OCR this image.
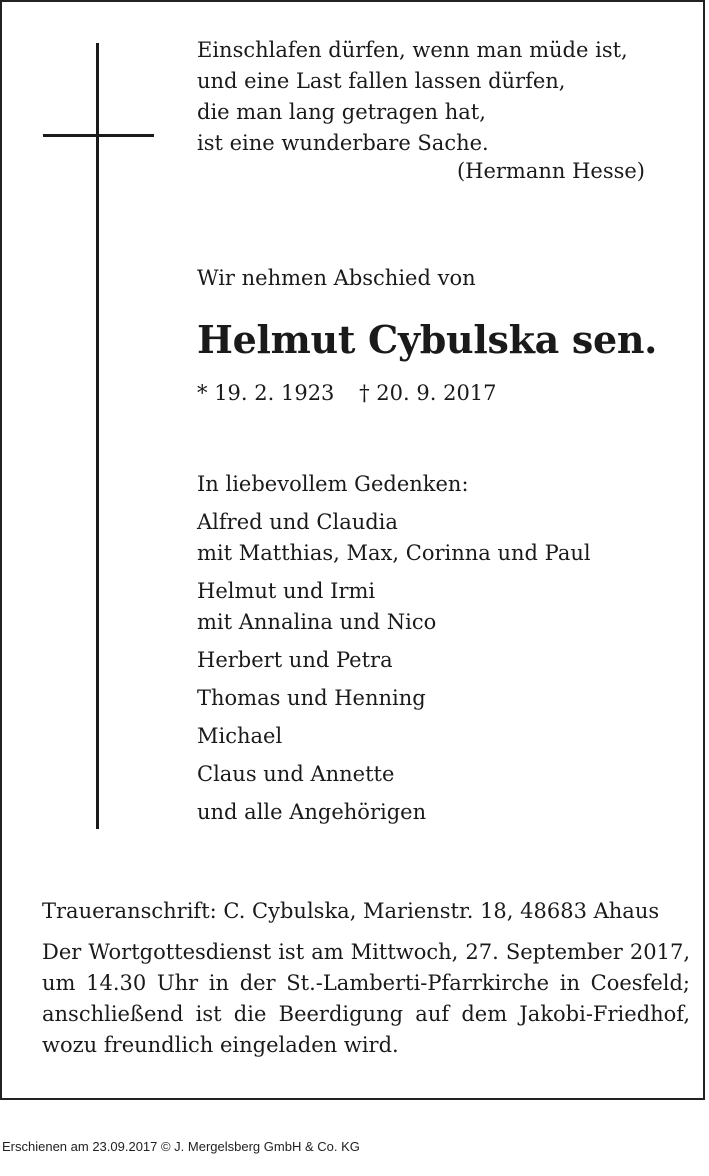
Einschlafen dürfen, wenn man müde ist,
und eine Last fallen lassen dürfen,
die man lang getragen hat,
ist eine wunderbare Sache.
(Hermann Hesse)
Wir nehmen Abschied von
Helmut Cybulska sen.
* 19. 2. 1923 † 20. 9. 2017
In liebevollem Gedenken:
Alfred und Claudia
mit Matthias, Max, Corinna und Paul
Helmut und Irmi
mit Annalina und Nico
Herbert und Petra
Thomas und Henning
Michael
Claus und Annette
und alle Angehörigen
Traueranschrift: C. Cybulska, Marienstr. 18, 48683 Ahaus
Der Wortgottesdienst ist am Mittwoch, 27. September 2017,
um 14.30 Uhr in der St.-Lamberti-Pfarrkirche in Coesfeld;
anschließend ist die Beerdigung auf dem Jakobi-Friedhof,
wozu freundlich eingeladen wird.
Erschienen am 23.09.2017 © J. Mergelsberg GmbH & Co. KG
